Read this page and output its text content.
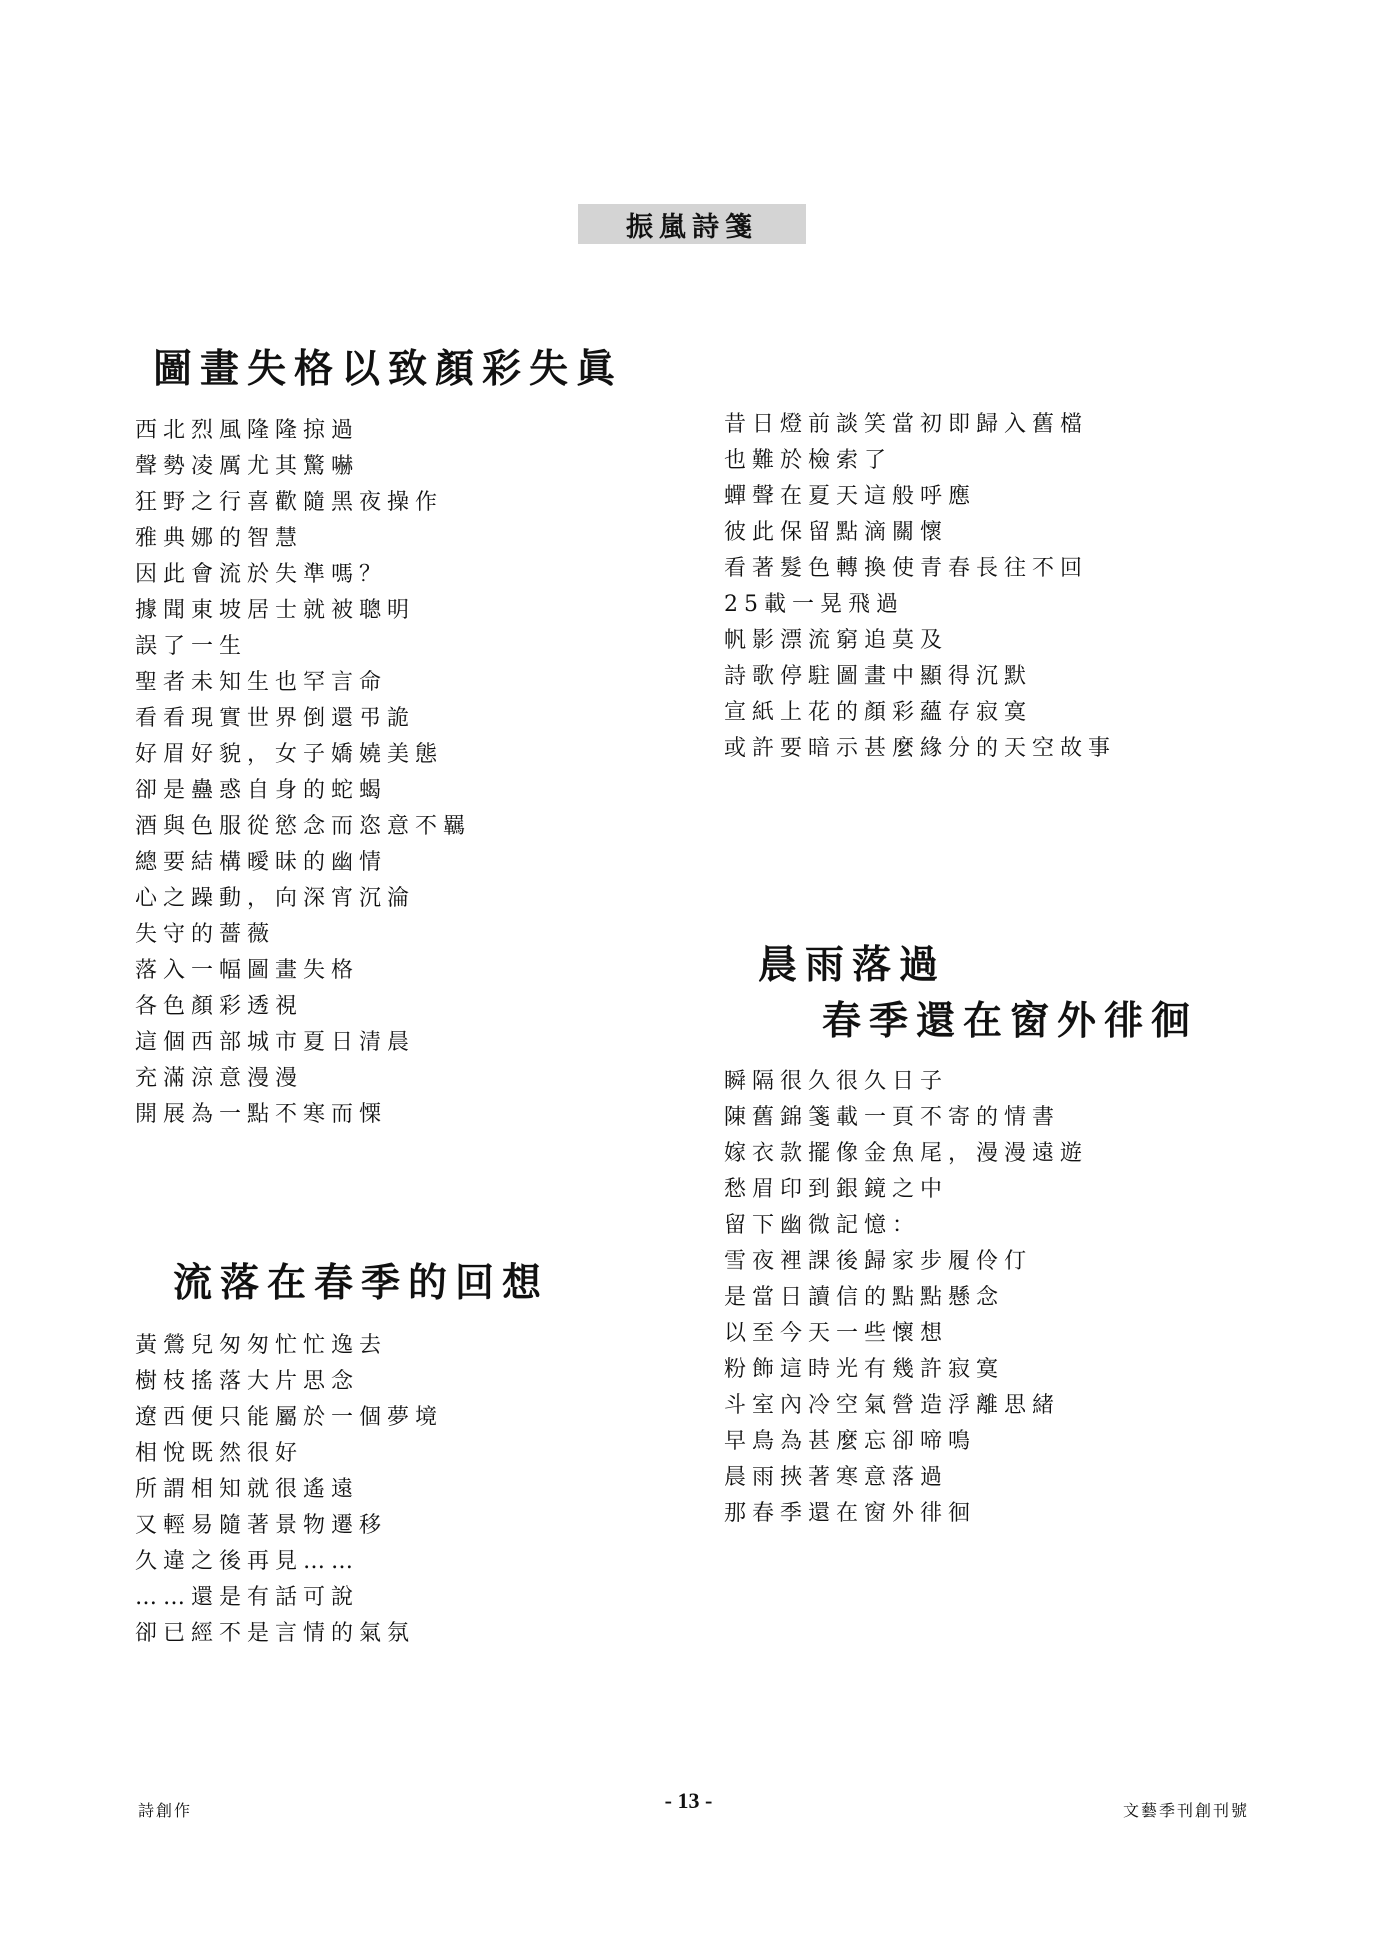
振嵐詩箋
圖畫失格以致顏彩失眞
西北烈風隆隆掠過
聲勢凌厲尤其驚嚇
狂野之行喜歡隨黑夜操作
雅典娜的智慧
因此會流於失準嗎？
據聞東坡居士就被聰明
誤了一生
聖者未知生也罕言命
看看現實世界倒還弔詭
好眉好貌，女子嬌嬈美態
卻是蠱惑自身的蛇蝎
酒與色服從慾念而恣意不羈
總要結構曖昧的幽情
心之躁動，向深宵沉淪
失守的薔薇
落入一幅圖畫失格
各色顏彩透視
這個西部城市夏日清晨
充滿涼意漫漫
開展為一點不寒而慄
昔日燈前談笑當初即歸入舊檔
也難於檢索了
蟬聲在夏天這般呼應
彼此保留點滴關懷
看著髮色轉換使青春長往不回
25載一晃飛過
帆影漂流窮追莫及
詩歌停駐圖畫中顯得沉默
宣紙上花的顏彩蘊存寂寞
或許要暗示甚麼緣分的天空故事
流落在春季的回想
黃鶯兒匆匆忙忙逸去
樹枝搖落大片思念
遼西便只能屬於一個夢境
相悅既然很好
所謂相知就很遙遠
又輕易隨著景物遷移
久違之後再見……
……還是有話可說
卻已經不是言情的氣氛
晨雨落過
春季還在窗外徘徊
瞬隔很久很久日子
陳舊錦箋載一頁不寄的情書
嫁衣款擺像金魚尾，漫漫遠遊
愁眉印到銀鏡之中
留下幽微記憶：
雪夜裡課後歸家步履伶仃
是當日讀信的點點懸念
以至今天一些懷想
粉飾這時光有幾許寂寞
斗室內冷空氣營造浮離思緒
早鳥為甚麼忘卻啼鳴
晨雨挾著寒意落過
那春季還在窗外徘徊
詩創作	- 13 -	文藝季刊創刊號
